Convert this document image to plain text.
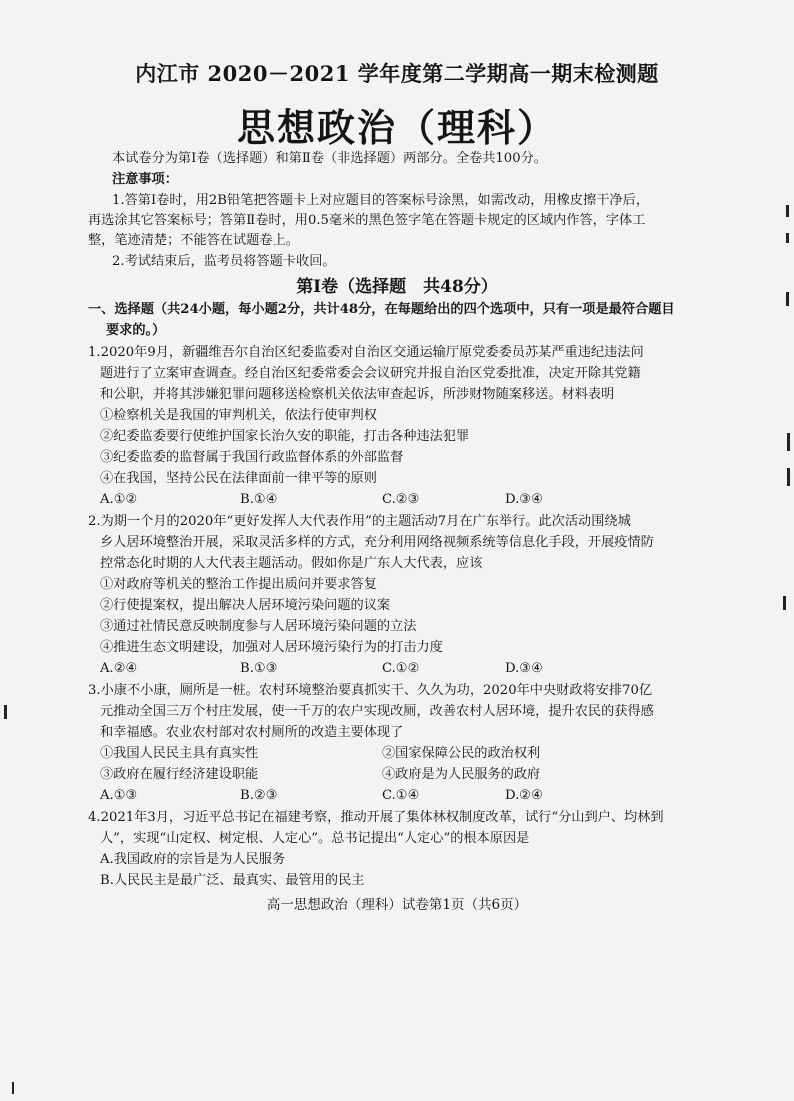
内江市 2020－2021 学年度第二学期高一期末检测题
思想政治（理科）
本试卷分为第Ⅰ卷（选择题）和第Ⅱ卷（非选择题）两部分。全卷共100分。
注意事项：
1.答第Ⅰ卷时，用2B铅笔把答题卡上对应题目的答案标号涂黑，如需改动，用橡皮擦干净后，
再选涂其它答案标号；答第Ⅱ卷时，用0.5毫米的黑色签字笔在答题卡规定的区域内作答，字体工
整，笔迹清楚；不能答在试题卷上。
2.考试结束后，监考员将答题卡收回。
第Ⅰ卷（选择题　共48分）
一、选择题（共24小题，每小题2分，共计48分，在每题给出的四个选项中，只有一项是最符合题目
要求的。）
1.2020年9月，新疆维吾尔自治区纪委监委对自治区交通运输厅原党委委员苏某严重违纪违法问
题进行了立案审查调查。经自治区纪委常委会会议研究并报自治区党委批准，决定开除其党籍
和公职，并将其涉嫌犯罪问题移送检察机关依法审查起诉，所涉财物随案移送。材料表明
①检察机关是我国的审判机关，依法行使审判权
②纪委监委要行使维护国家长治久安的职能，打击各种违法犯罪
③纪委监委的监督属于我国行政监督体系的外部监督
④在我国，坚持公民在法律面前一律平等的原则
A.①②	B.①④	C.②③	D.③④
2.为期一个月的2020年“更好发挥人大代表作用”的主题活动7月在广东举行。此次活动围绕城
乡人居环境整治开展，采取灵活多样的方式，充分利用网络视频系统等信息化手段，开展疫情防
控常态化时期的人大代表主题活动。假如你是广东人大代表，应该
①对政府等机关的整治工作提出质问并要求答复
②行使提案权，提出解决人居环境污染问题的议案
③通过社情民意反映制度参与人居环境污染问题的立法
④推进生态文明建设，加强对人居环境污染行为的打击力度
A.②④	B.①③	C.①②	D.③④
3.小康不小康，厕所是一桩。农村环境整治要真抓实干、久久为功，2020年中央财政将安排70亿
元推动全国三万个村庄发展，使一千万的农户实现改厕，改善农村人居环境，提升农民的获得感
和幸福感。农业农村部对农村厕所的改造主要体现了
①我国人民民主具有真实性	②国家保障公民的政治权利
③政府在履行经济建设职能	④政府是为人民服务的政府
A.①③	B.②③	C.①④	D.②④
4.2021年3月，习近平总书记在福建考察，推动开展了集体林权制度改革，试行“分山到户、均林到
人”，实现“山定权、树定根、人定心”。总书记提出“人定心”的根本原因是
A.我国政府的宗旨是为人民服务
B.人民民主是最广泛、最真实、最管用的民主
高一思想政治（理科）试卷第1页（共6页）
